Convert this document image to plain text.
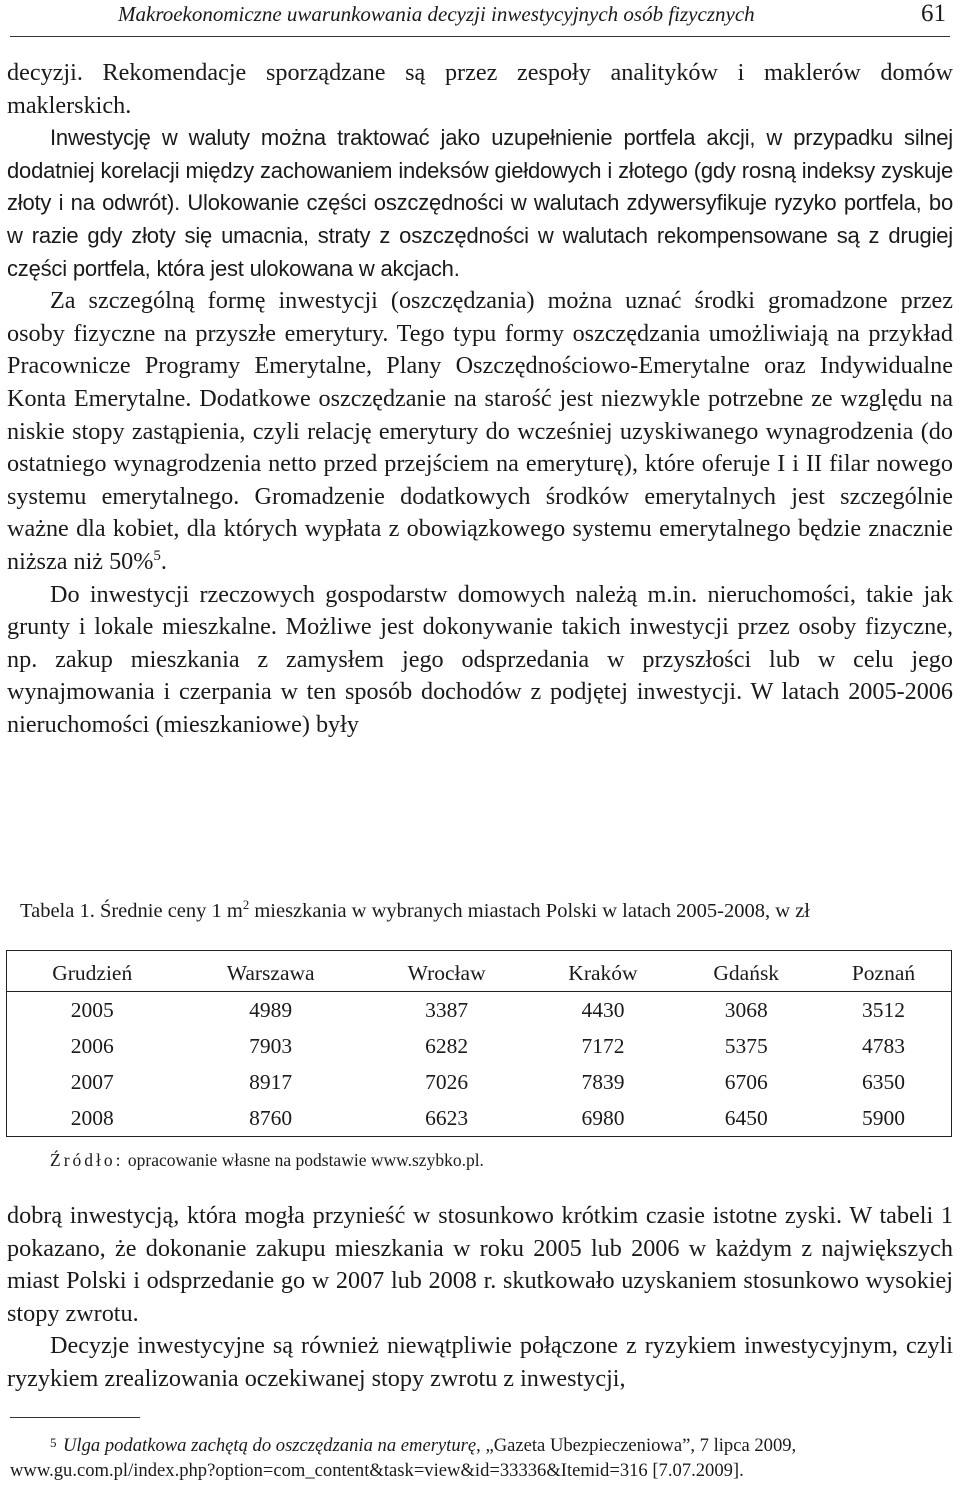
Makroekonomiczne uwarunkowania decyzji inwestycyjnych osób fizycznych	61

decyzji. Rekomendacje sporządzane są przez zespoły analityków i maklerów domów maklerskich.

Inwestycję w waluty można traktować jako uzupełnienie portfela akcji, w przypadku silnej dodatniej korelacji między zachowaniem indeksów giełdowych i złotego (gdy rosną indeksy zyskuje złoty i na odwrót). Ulokowanie części oszczędności w walutach zdywersyfikuje ryzyko portfela, bo w razie gdy złoty się umacnia, straty z oszczędności w walutach rekompensowane są z drugiej części portfela, która jest ulokowana w akcjach.

Za szczególną formę inwestycji (oszczędzania) można uznać środki gromadzone przez osoby fizyczne na przyszłe emerytury. Tego typu formy oszczędzania umożliwiają na przykład Pracownicze Programy Emerytalne, Plany Oszczędnościowo-Emerytalne oraz Indywidualne Konta Emerytalne. Dodatkowe oszczędzanie na starość jest niezwykle potrzebne ze względu na niskie stopy zastąpienia, czyli relację emerytury do wcześniej uzyskiwanego wynagrodzenia (do ostatniego wynagrodzenia netto przed przejściem na emeryturę), które oferuje I i II filar nowego systemu emerytalnego. Gromadzenie dodatkowych środków emerytalnych jest szczególnie ważne dla kobiet, dla których wypłata z obowiązkowego systemu emerytalnego będzie znacznie niższa niż 50%$^5$.

Do inwestycji rzeczowych gospodarstw domowych należą m.in. nieruchomości, takie jak grunty i lokale mieszkalne. Możliwe jest dokonywanie takich inwestycji przez osoby fizyczne, np. zakup mieszkania z zamysłem jego odsprzedania w przyszłości lub w celu jego wynajmowania i czerpania w ten sposób dochodów z podjętej inwestycji. W latach 2005-2006 nieruchomości (mieszkaniowe) były

Tabela 1. Średnie ceny 1 $m^2$ mieszkania w wybranych miastach Polski w latach 2005-2008, w zł
Grudzień	Warszawa	Wrocław	Kraków	Gdańsk	Poznań
2005	4989	3387	4430	3068	3512
2006	7903	6282	7172	5375	4783
2007	8917	7026	7839	6706	6350
2008	8760	6623	6980	6450	5900
Źródło: opracowanie własne na podstawie www.szybko.pl.

dobrą inwestycją, która mogła przynieść w stosunkowo krótkim czasie istotne zyski. W tabeli 1 pokazano, że dokonanie zakupu mieszkania w roku 2005 lub 2006 w każdym z największych miast Polski i odsprzedanie go w 2007 lub 2008 r. skutkowało uzyskaniem stosunkowo wysokiej stopy zwrotu.

Decyzje inwestycyjne są również niewątpliwie połączone z ryzykiem inwestycyjnym, czyli ryzykiem zrealizowania oczekiwanej stopy zwrotu z inwestycji,

5 Ulga podatkowa zachętą do oszczędzania na emeryturę, „Gazeta Ubezpieczeniowa”, 7 lipca 2009,

www.gu.com.pl/index.php?option=com_content&task=view&id=33336&Itemid=316 [7.07.2009].
